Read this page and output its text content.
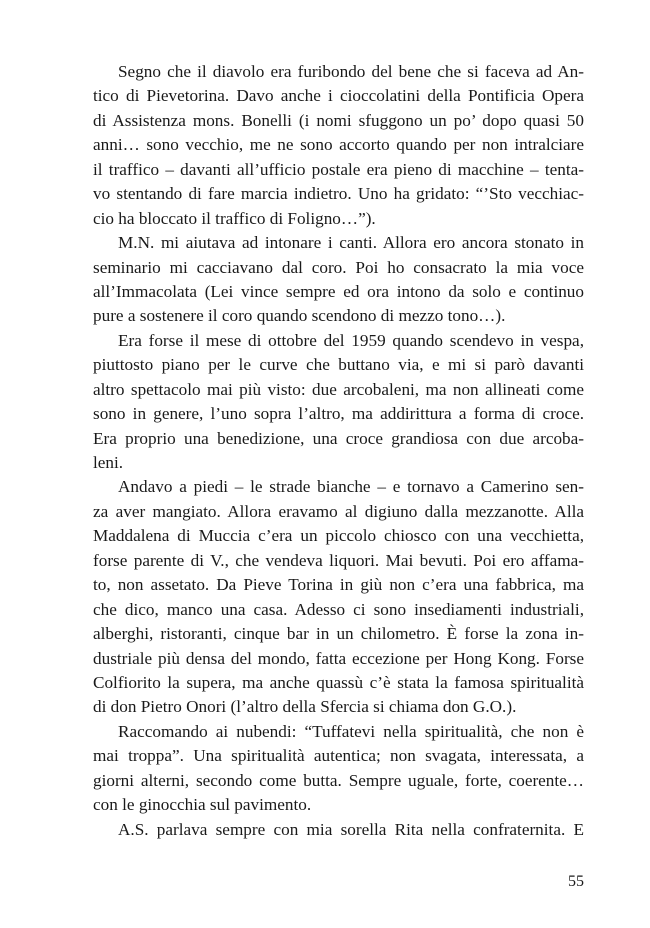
Segno che il diavolo era furibondo del bene che si faceva ad An-
tico di Pievetorina. Davo anche i cioccolatini della Pontificia Opera
di Assistenza mons. Bonelli (i nomi sfuggono un po’ dopo quasi 50
anni… sono vecchio, me ne sono accorto quando per non intralciare
il traffico – davanti all’ufficio postale era pieno di macchine – tenta-
vo stentando di fare marcia indietro. Uno ha gridato: “’Sto vecchiac-
cio ha bloccato il traffico di Foligno…”).
M.N. mi aiutava ad intonare i canti. Allora ero ancora stonato in
seminario mi cacciavano dal coro. Poi ho consacrato la mia voce
all’Immacolata (Lei vince sempre ed ora intono da solo e continuo
pure a sostenere il coro quando scendono di mezzo tono…).
Era forse il mese di ottobre del 1959 quando scendevo in vespa,
piuttosto piano per le curve che buttano via, e mi si parò davanti
altro spettacolo mai più visto: due arcobaleni, ma non allineati come
sono in genere, l’uno sopra l’altro, ma addirittura a forma di croce.
Era proprio una benedizione, una croce grandiosa con due arcoba-
leni.
Andavo a piedi – le strade bianche – e tornavo a Camerino sen-
za aver mangiato. Allora eravamo al digiuno dalla mezzanotte. Alla
Maddalena di Muccia c’era un piccolo chiosco con una vecchietta,
forse parente di V., che vendeva liquori. Mai bevuti. Poi ero affama-
to, non assetato. Da Pieve Torina in giù non c’era una fabbrica, ma
che dico, manco una casa. Adesso ci sono insediamenti industriali,
alberghi, ristoranti, cinque bar in un chilometro. È forse la zona in-
dustriale più densa del mondo, fatta eccezione per Hong Kong. Forse
Colfiorito la supera, ma anche quassù c’è stata la famosa spiritualità
di don Pietro Onori (l’altro della Sfercia si chiama don G.O.).
Raccomando ai nubendi: “Tuffatevi nella spiritualità, che non è
mai troppa”. Una spiritualità autentica; non svagata, interessata, a
giorni alterni, secondo come butta. Sempre uguale, forte, coerente…
con le ginocchia sul pavimento.
A.S. parlava sempre con mia sorella Rita nella confraternita. E
55
